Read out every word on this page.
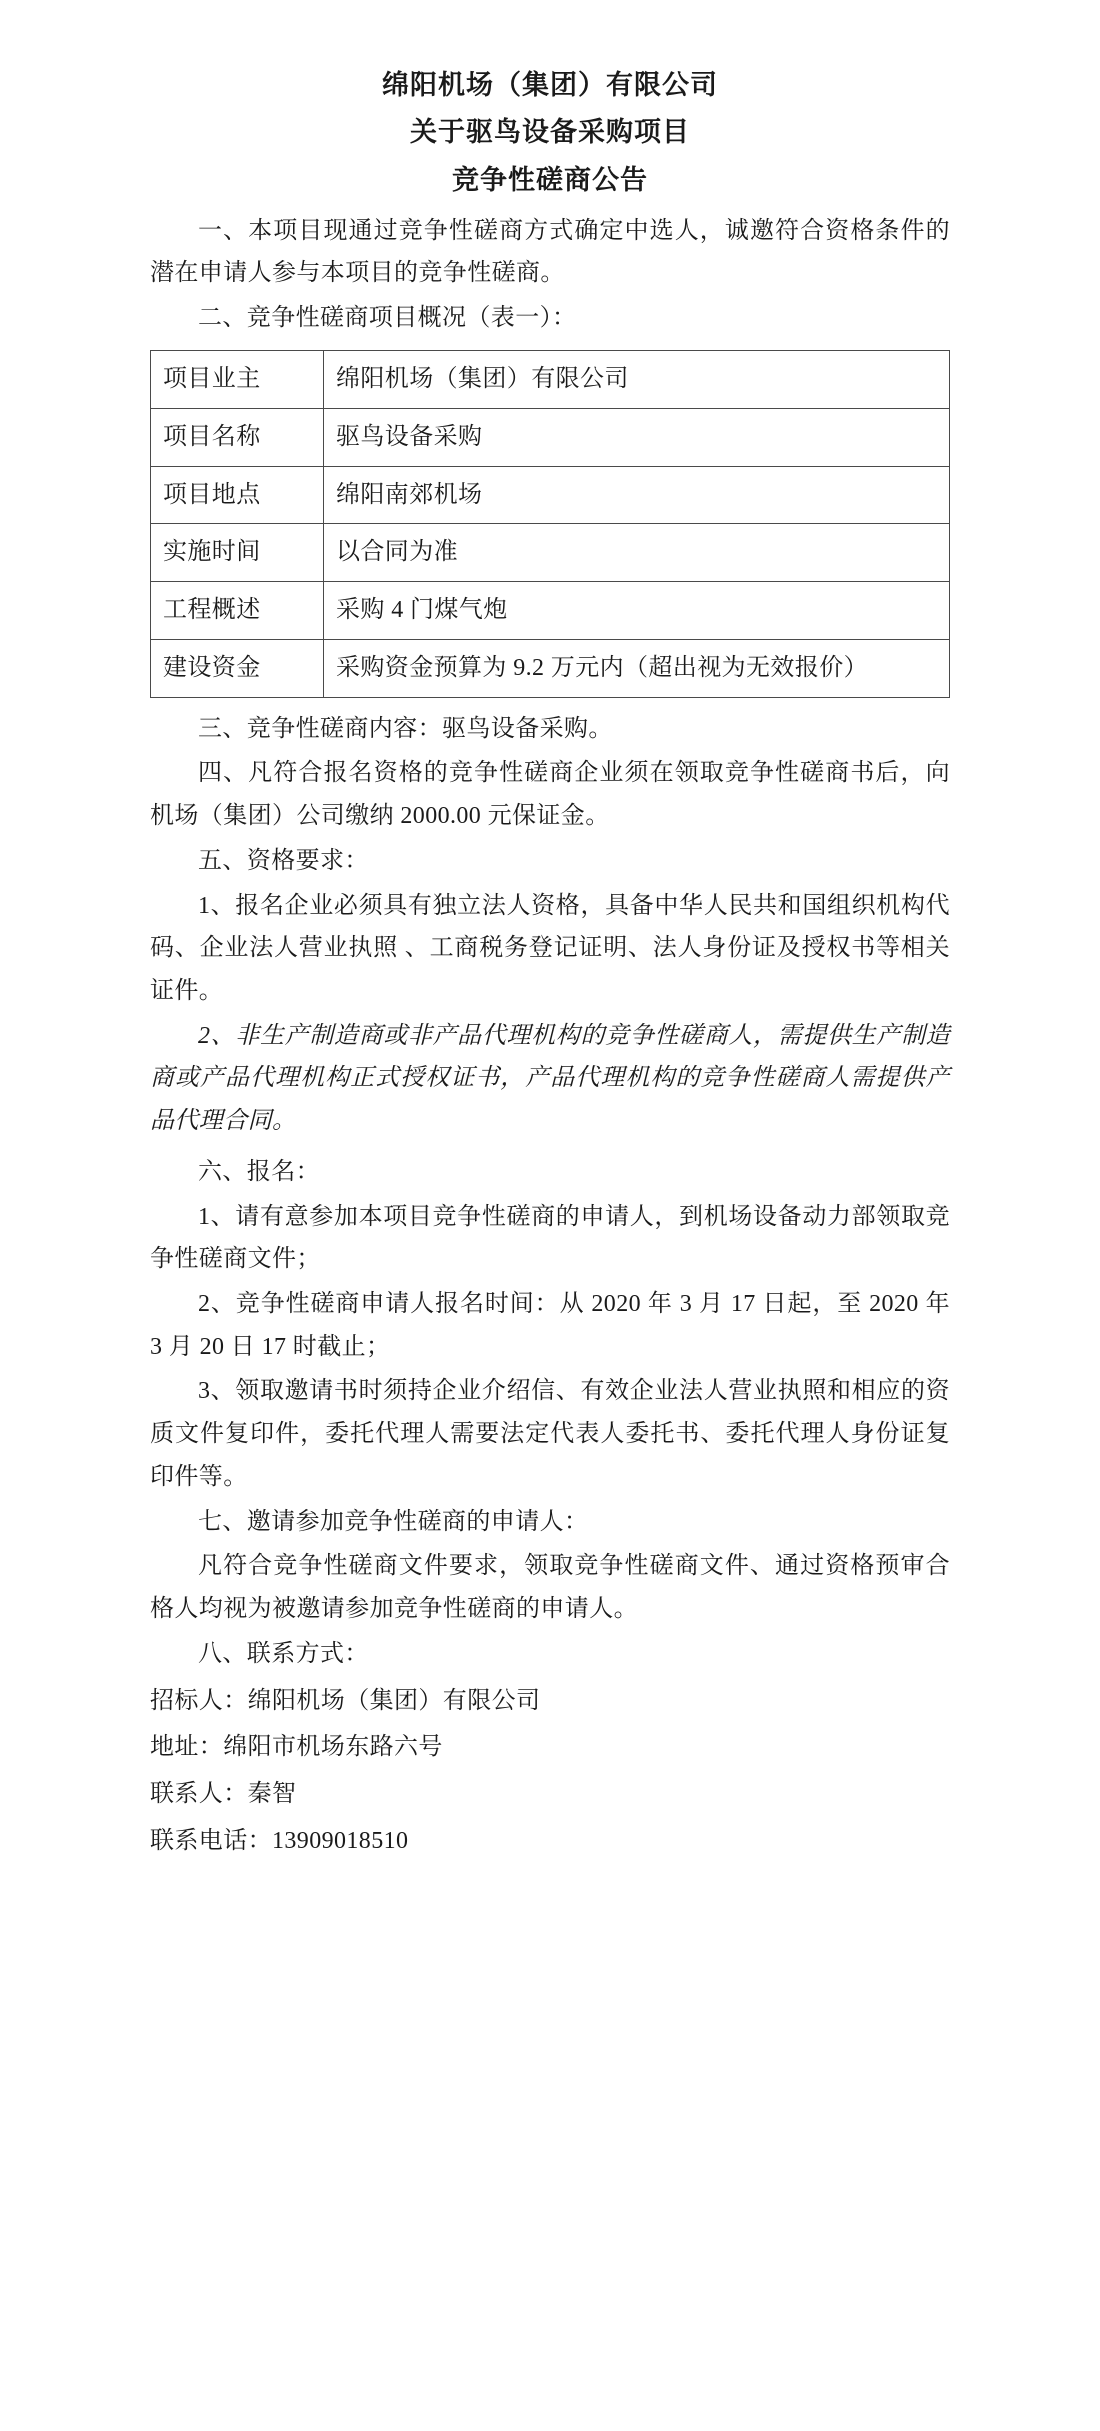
绵阳机场（集团）有限公司
关于驱鸟设备采购项目
竞争性磋商公告

一、本项目现通过竞争性磋商方式确定中选人，诚邀符合资格条件的潜在申请人参与本项目的竞争性磋商。

二、竞争性磋商项目概况（表一）：

项目业主	绵阳机场（集团）有限公司
项目名称	驱鸟设备采购
项目地点	绵阳南郊机场
实施时间	以合同为准
工程概述	采购 4 门煤气炮
建设资金	采购资金预算为 9.2 万元内（超出视为无效报价）

三、竞争性磋商内容：驱鸟设备采购。

四、凡符合报名资格的竞争性磋商企业须在领取竞争性磋商书后，向机场（集团）公司缴纳 2000.00 元保证金。

五、资格要求：

1、报名企业必须具有独立法人资格，具备中华人民共和国组织机构代码、企业法人营业执照 、工商税务登记证明、法人身份证及授权书等相关证件。

2、非生产制造商或非产品代理机构的竞争性磋商人，需提供生产制造商或产品代理机构正式授权证书，产品代理机构的竞争性磋商人需提供产品代理合同。

六、报名：

1、请有意参加本项目竞争性磋商的申请人，到机场设备动力部领取竞争性磋商文件；

2、竞争性磋商申请人报名时间：从 2020 年 3 月 17 日起，至 2020 年 3 月 20 日 17 时截止；

3、领取邀请书时须持企业介绍信、有效企业法人营业执照和相应的资质文件复印件，委托代理人需要法定代表人委托书、委托代理人身份证复印件等。

七、邀请参加竞争性磋商的申请人：

凡符合竞争性磋商文件要求，领取竞争性磋商文件、通过资格预审合格人均视为被邀请参加竞争性磋商的申请人。

八、联系方式：

招标人：绵阳机场（集团）有限公司

地址：绵阳市机场东路六号

联系人：秦智

联系电话：13909018510
